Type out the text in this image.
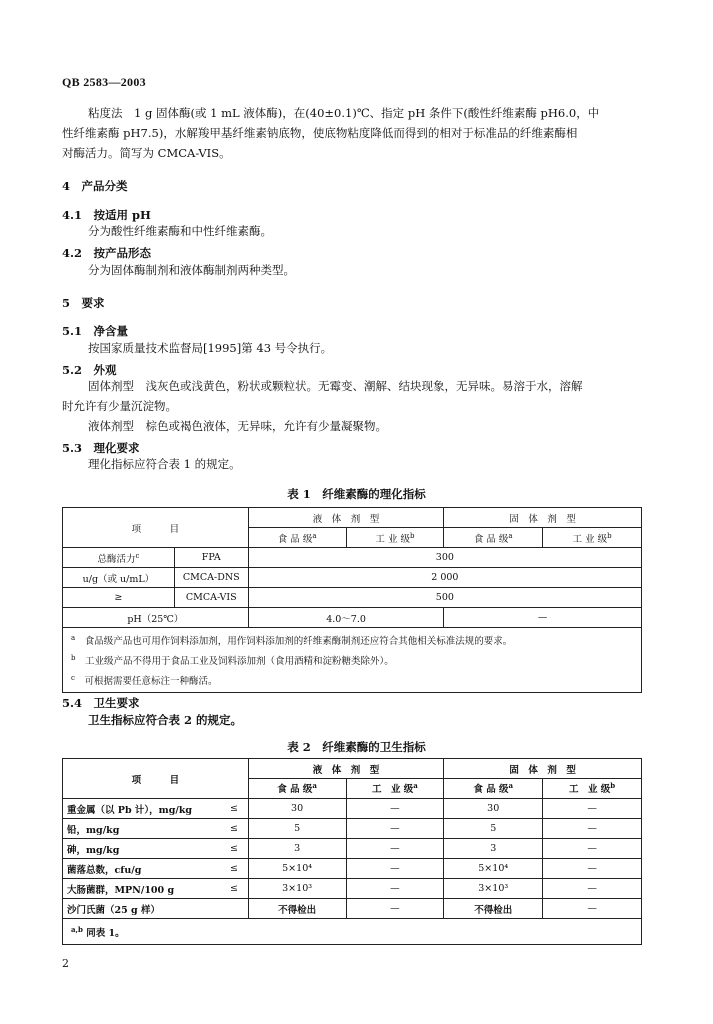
QB 2583—2003
粘度法　1 g 固体酶(或 1 mL 液体酶)，在(40±0.1)℃、指定 pH 条件下(酸性纤维素酶 pH6.0，中
性纤维素酶 pH7.5)，水解羧甲基纤维素钠底物，使底物粘度降低而得到的相对于标准品的纤维素酶相
对酶活力。简写为 CMCA-VIS。
4　产品分类
4.1　按适用 pH
分为酸性纤维素酶和中性纤维素酶。
4.2　按产品形态
分为固体酶制剂和液体酶制剂两种类型。
5　要求
5.1　净含量
按国家质量技术监督局[1995]第 43 号令执行。
5.2　外观
固体剂型　浅灰色或浅黄色，粉状或颗粒状。无霉变、潮解、结块现象，无异味。易溶于水，溶解
时允许有少量沉淀物。
液体剂型　棕色或褐色液体，无异味，允许有少量凝聚物。
5.3　理化要求
理化指标应符合表 1 的规定。
表 1　纤维素酶的理化指标
项　　　目		液　体　剂　型		固　体　剂　型	
		食 品 级$^a$	工 业 级$^b$	食 品 级$^a$	工 业 级$^b$
总酶活力$^c$	FPA	300			
u/g（或 u/mL）	CMCA-DNS	2 000			
≥	CMCA-VIS	500			
pH（25℃）		4.0～7.0		—	

$^a$　 食品级产品也可用作饲料添加剂，用作饲料添加剂的纤维素酶制剂还应符合其他相关标准法规的要求。
$^b$　 工业级产品不得用于食品工业及饲料添加剂（食用酒精和淀粉糖类除外）。
$^c$　 可根据需要任意标注一种酶活。					
5.4　卫生要求
卫生指标应符合表 2 的规定。
表 2　纤维素酶的卫生指标
项　　　目		液　体　剂　型		固　体　剂　型	
		食 品 级$^a$	工　业 级$^a$	食 品 级$^a$	工　业 级$^b$
重金属（以 Pb 计），mg/kg	≤	30	—	30	—
铅，mg/kg	≤	5	—	5	—
砷，mg/kg	≤	3	—	3	—
菌落总数，cfu/g	≤	5×10⁴	—	5×10⁴	—
大肠菌群，MPN/100 g	≤	3×10³	—	3×10³	—
沙门氏菌（25 g 样）		不得检出	—	不得检出	—
$^{a,b}$ 同表 1。					
2
